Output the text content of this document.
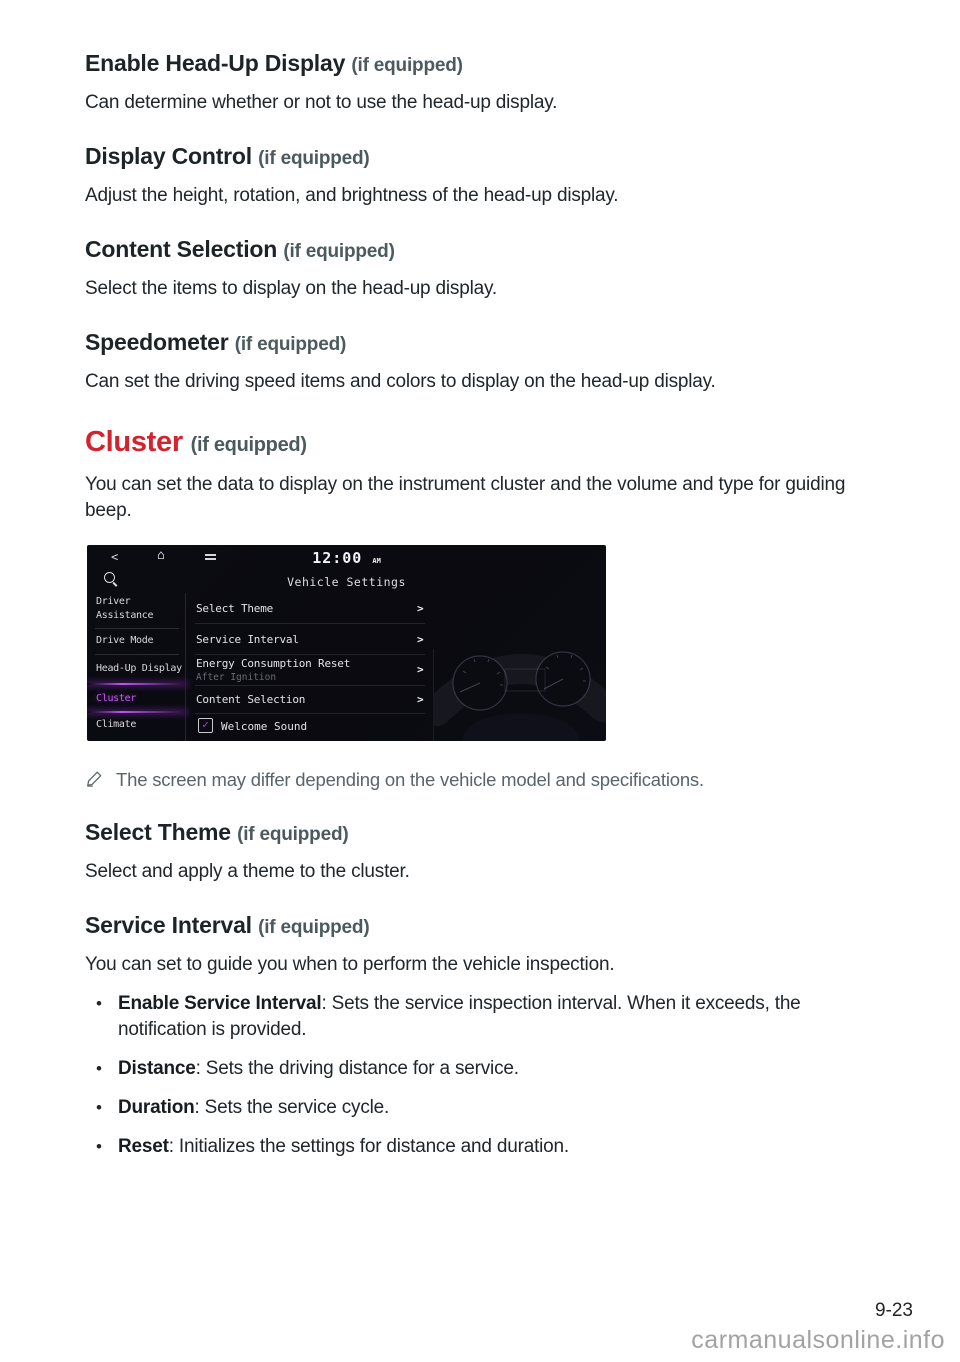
Enable Head-Up Display (if equipped)

Can determine whether or not to use the head-up display.

Display Control (if equipped)

Adjust the height, rotation, and brightness of the head-up display.

Content Selection (if equipped)

Select the items to display on the head-up display.

Speedometer (if equipped)

Can set the driving speed items and colors to display on the head-up display.

Cluster (if equipped)

You can set the data to display on the instrument cluster and the volume and type for guiding beep.

<	⌂	12:00 AM
Vehicle Settings
Driver Assistance
Drive Mode
Head-Up Display
Cluster
Climate
Select Theme	>
Service Interval	>
Energy Consumption Reset
After Ignition
>
Content Selection	>
✓	Welcome Sound
The screen may differ depending on the vehicle model and specifications.
Select Theme (if equipped)

Select and apply a theme to the cluster.

Service Interval (if equipped)

You can set to guide you when to perform the vehicle inspection.

• Enable Service Interval: Sets the service inspection interval. When it exceeds, the notification is provided.
• Distance: Sets the driving distance for a service.
• Duration: Sets the service cycle.
• Reset: Initializes the settings for distance and duration.
9-23
carmanualsonline.info
